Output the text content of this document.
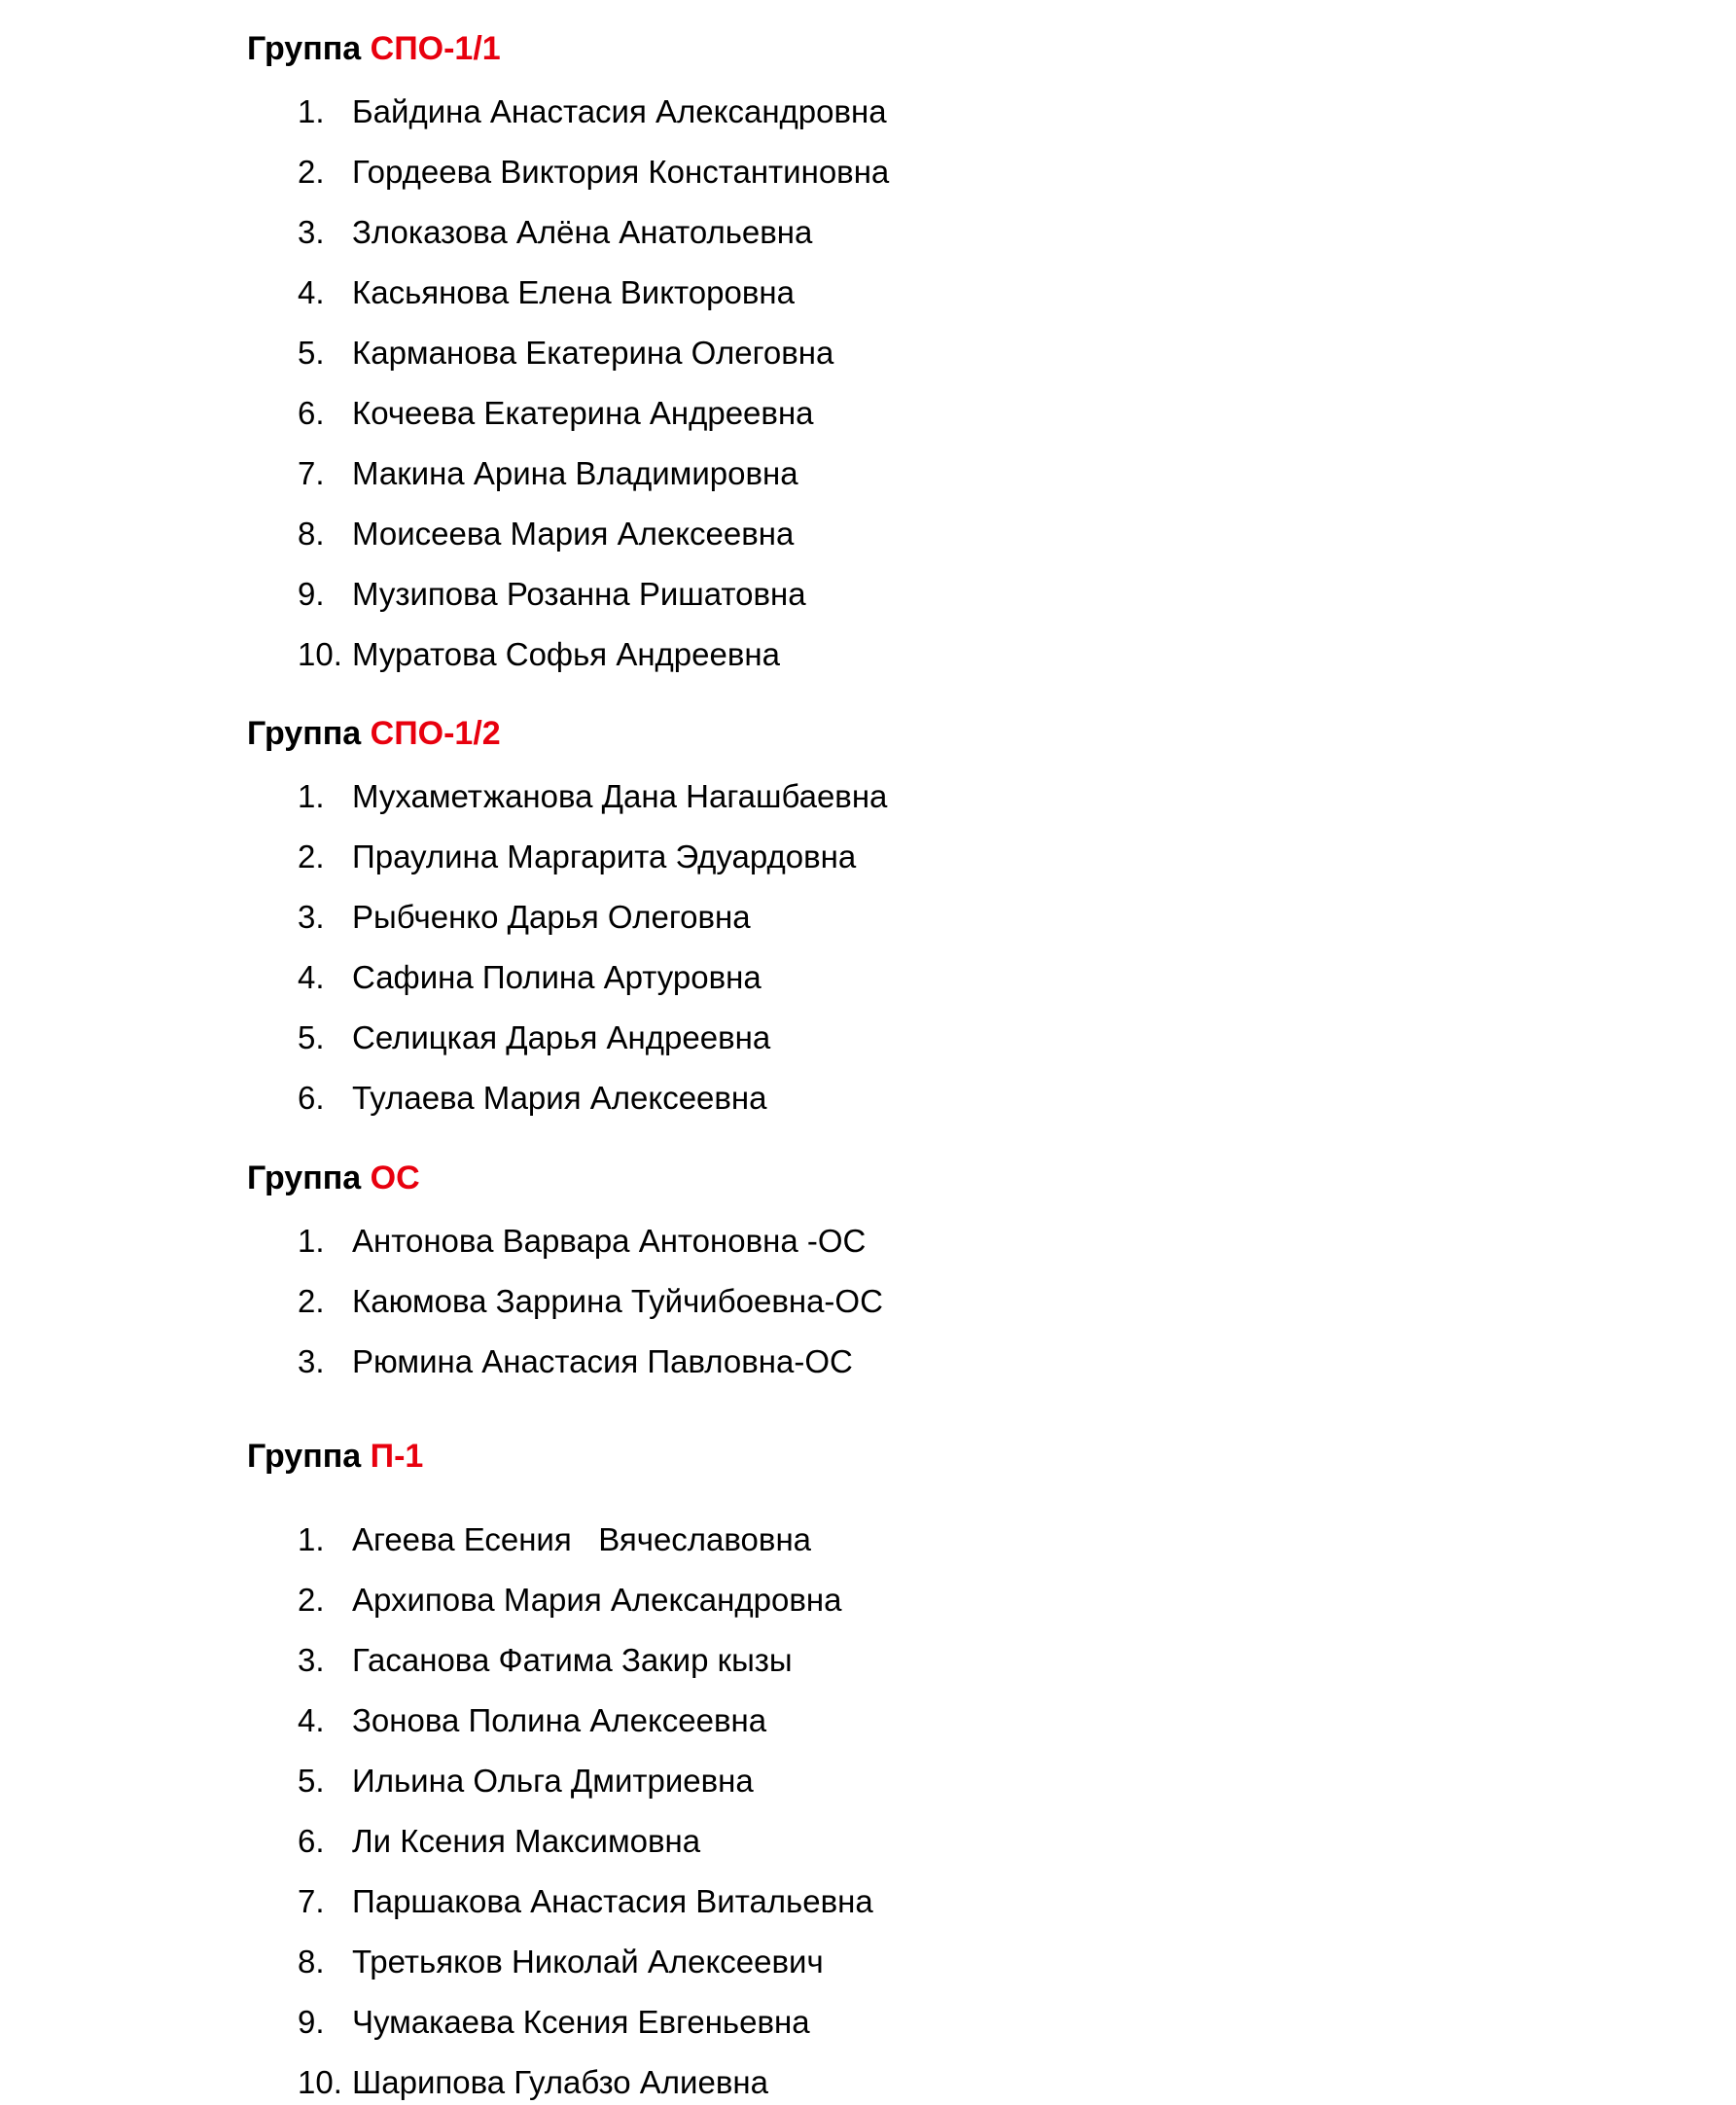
Группа СПО-1/1
1. Байдина Анастасия Александровна
2. Гордеева Виктория Константиновна
3. Злоказова Алёна Анатольевна
4. Касьянова Елена Викторовна
5. Карманова Екатерина Олеговна
6. Кочеева Екатерина Андреевна
7. Макина Арина Владимировна
8. Моисеева Мария Алексеевна
9. Музипова Розанна Ришатовна
10. Муратова Софья Андреевна
Группа СПО-1/2
1. Мухаметжанова Дана Нагашбаевна
2. Праулина Маргарита Эдуардовна
3. Рыбченко Дарья Олеговна
4. Сафина Полина Артуровна
5. Селицкая Дарья Андреевна
6. Тулаева Мария Алексеевна
Группа ОС
1. Антонова Варвара Антоновна -ОС
2. Каюмова Заррина Туйчибоевна-ОС
3. Рюмина Анастасия Павловна-ОС
Группа П-1
1. Агеева Есения   Вячеславовна
2. Архипова Мария Александровна
3. Гасанова Фатима Закир кызы
4. Зонова Полина Алексеевна
5. Ильина Ольга Дмитриевна
6. Ли Ксения Максимовна
7. Паршакова Анастасия Витальевна
8. Третьяков Николай Алексеевич
9. Чумакаева Ксения Евгеньевна
10. Шарипова Гулабзо Алиевна
